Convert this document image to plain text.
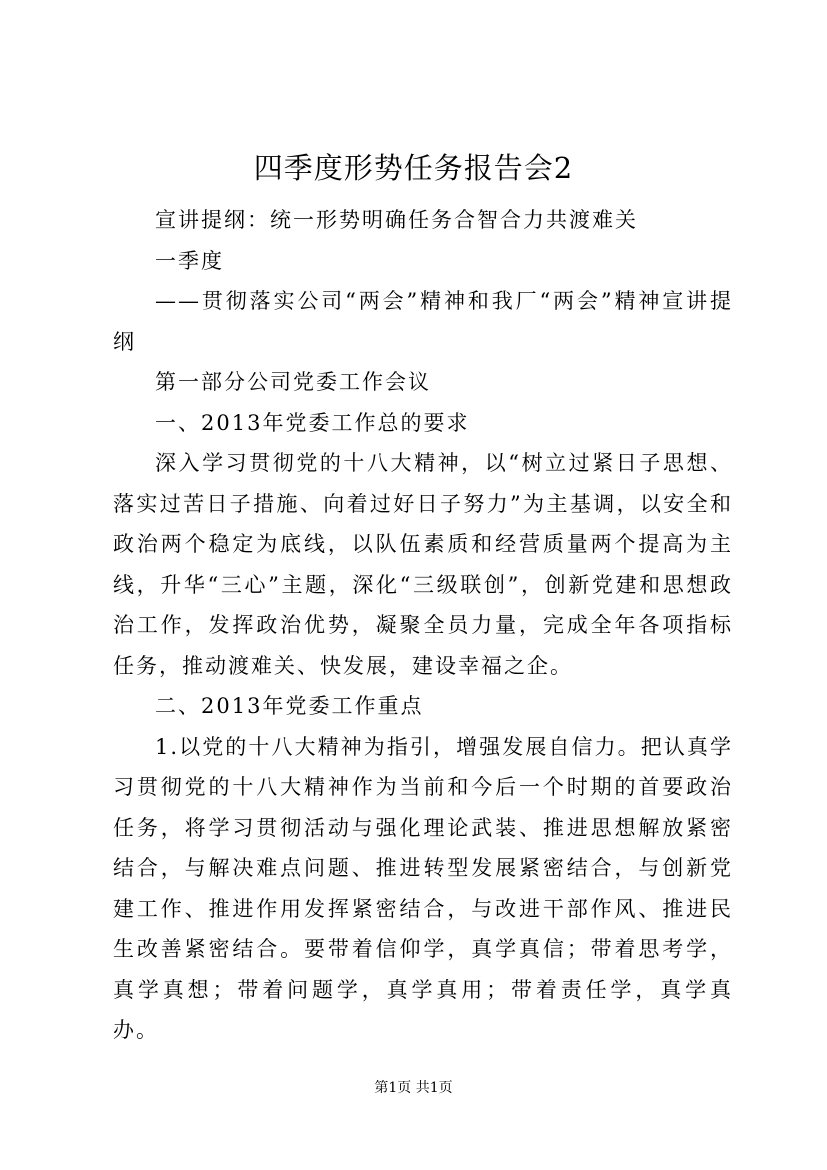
四季度形势任务报告会2

宣讲提纲：统一形势明确任务合智合力共渡难关

一季度

——贯彻落实公司“两会”精神和我厂“两会”精神宣讲提纲

第一部分公司党委工作会议

一、2013年党委工作总的要求

深入学习贯彻党的十八大精神，以“树立过紧日子思想、落实过苦日子措施、向着过好日子努力”为主基调，以安全和政治两个稳定为底线，以队伍素质和经营质量两个提高为主线，升华“三心”主题，深化“三级联创”，创新党建和思想政治工作，发挥政治优势，凝聚全员力量，完成全年各项指标任务，推动渡难关、快发展，建设幸福之企。

二、2013年党委工作重点

1.以党的十八大精神为指引，增强发展自信力。把认真学习贯彻党的十八大精神作为当前和今后一个时期的首要政治任务，将学习贯彻活动与强化理论武装、推进思想解放紧密结合，与解决难点问题、推进转型发展紧密结合，与创新党建工作、推进作用发挥紧密结合，与改进干部作风、推进民生改善紧密结合。要带着信仰学，真学真信；带着思考学，真学真想；带着问题学，真学真用；带着责任学，真学真办。

第1页 共1页
